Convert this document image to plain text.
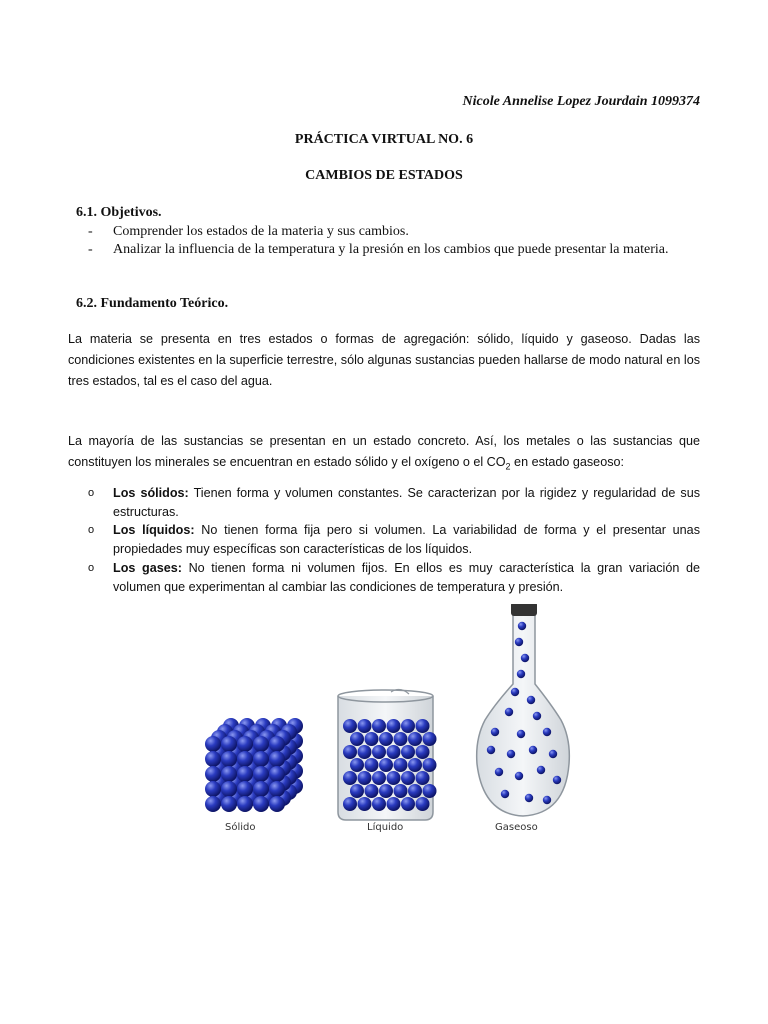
Nicole Annelise Lopez Jourdain 1099374
PRÁCTICA VIRTUAL NO. 6
CAMBIOS DE ESTADOS
6.1. Objetivos.
- Comprender los estados de la materia y sus cambios.
- Analizar la influencia de la temperatura y la presión en los cambios que puede presentar la materia.
6.2. Fundamento Teórico.
La materia se presenta en tres estados o formas de agregación: sólido, líquido y gaseoso. Dadas las condiciones existentes en la superficie terrestre, sólo algunas sustancias pueden hallarse de modo natural en los tres estados, tal es el caso del agua.
La mayoría de las sustancias se presentan en un estado concreto. Así, los metales o las sustancias que constituyen los minerales se encuentran en estado sólido y el oxígeno o el $CO_2$ en estado gaseoso:
o Los sólidos: Tienen forma y volumen constantes. Se caracterizan por la rigidez y regularidad de sus estructuras.
o Los líquidos: No tienen forma fija pero si volumen. La variabilidad de forma y el presentar unas propiedades muy específicas son características de los líquidos.
o Los gases: No tienen forma ni volumen fijos. En ellos es muy característica la gran variación de volumen que experimentan al cambiar las condiciones de temperatura y presión.
Sólido	Líquido	Gaseoso
